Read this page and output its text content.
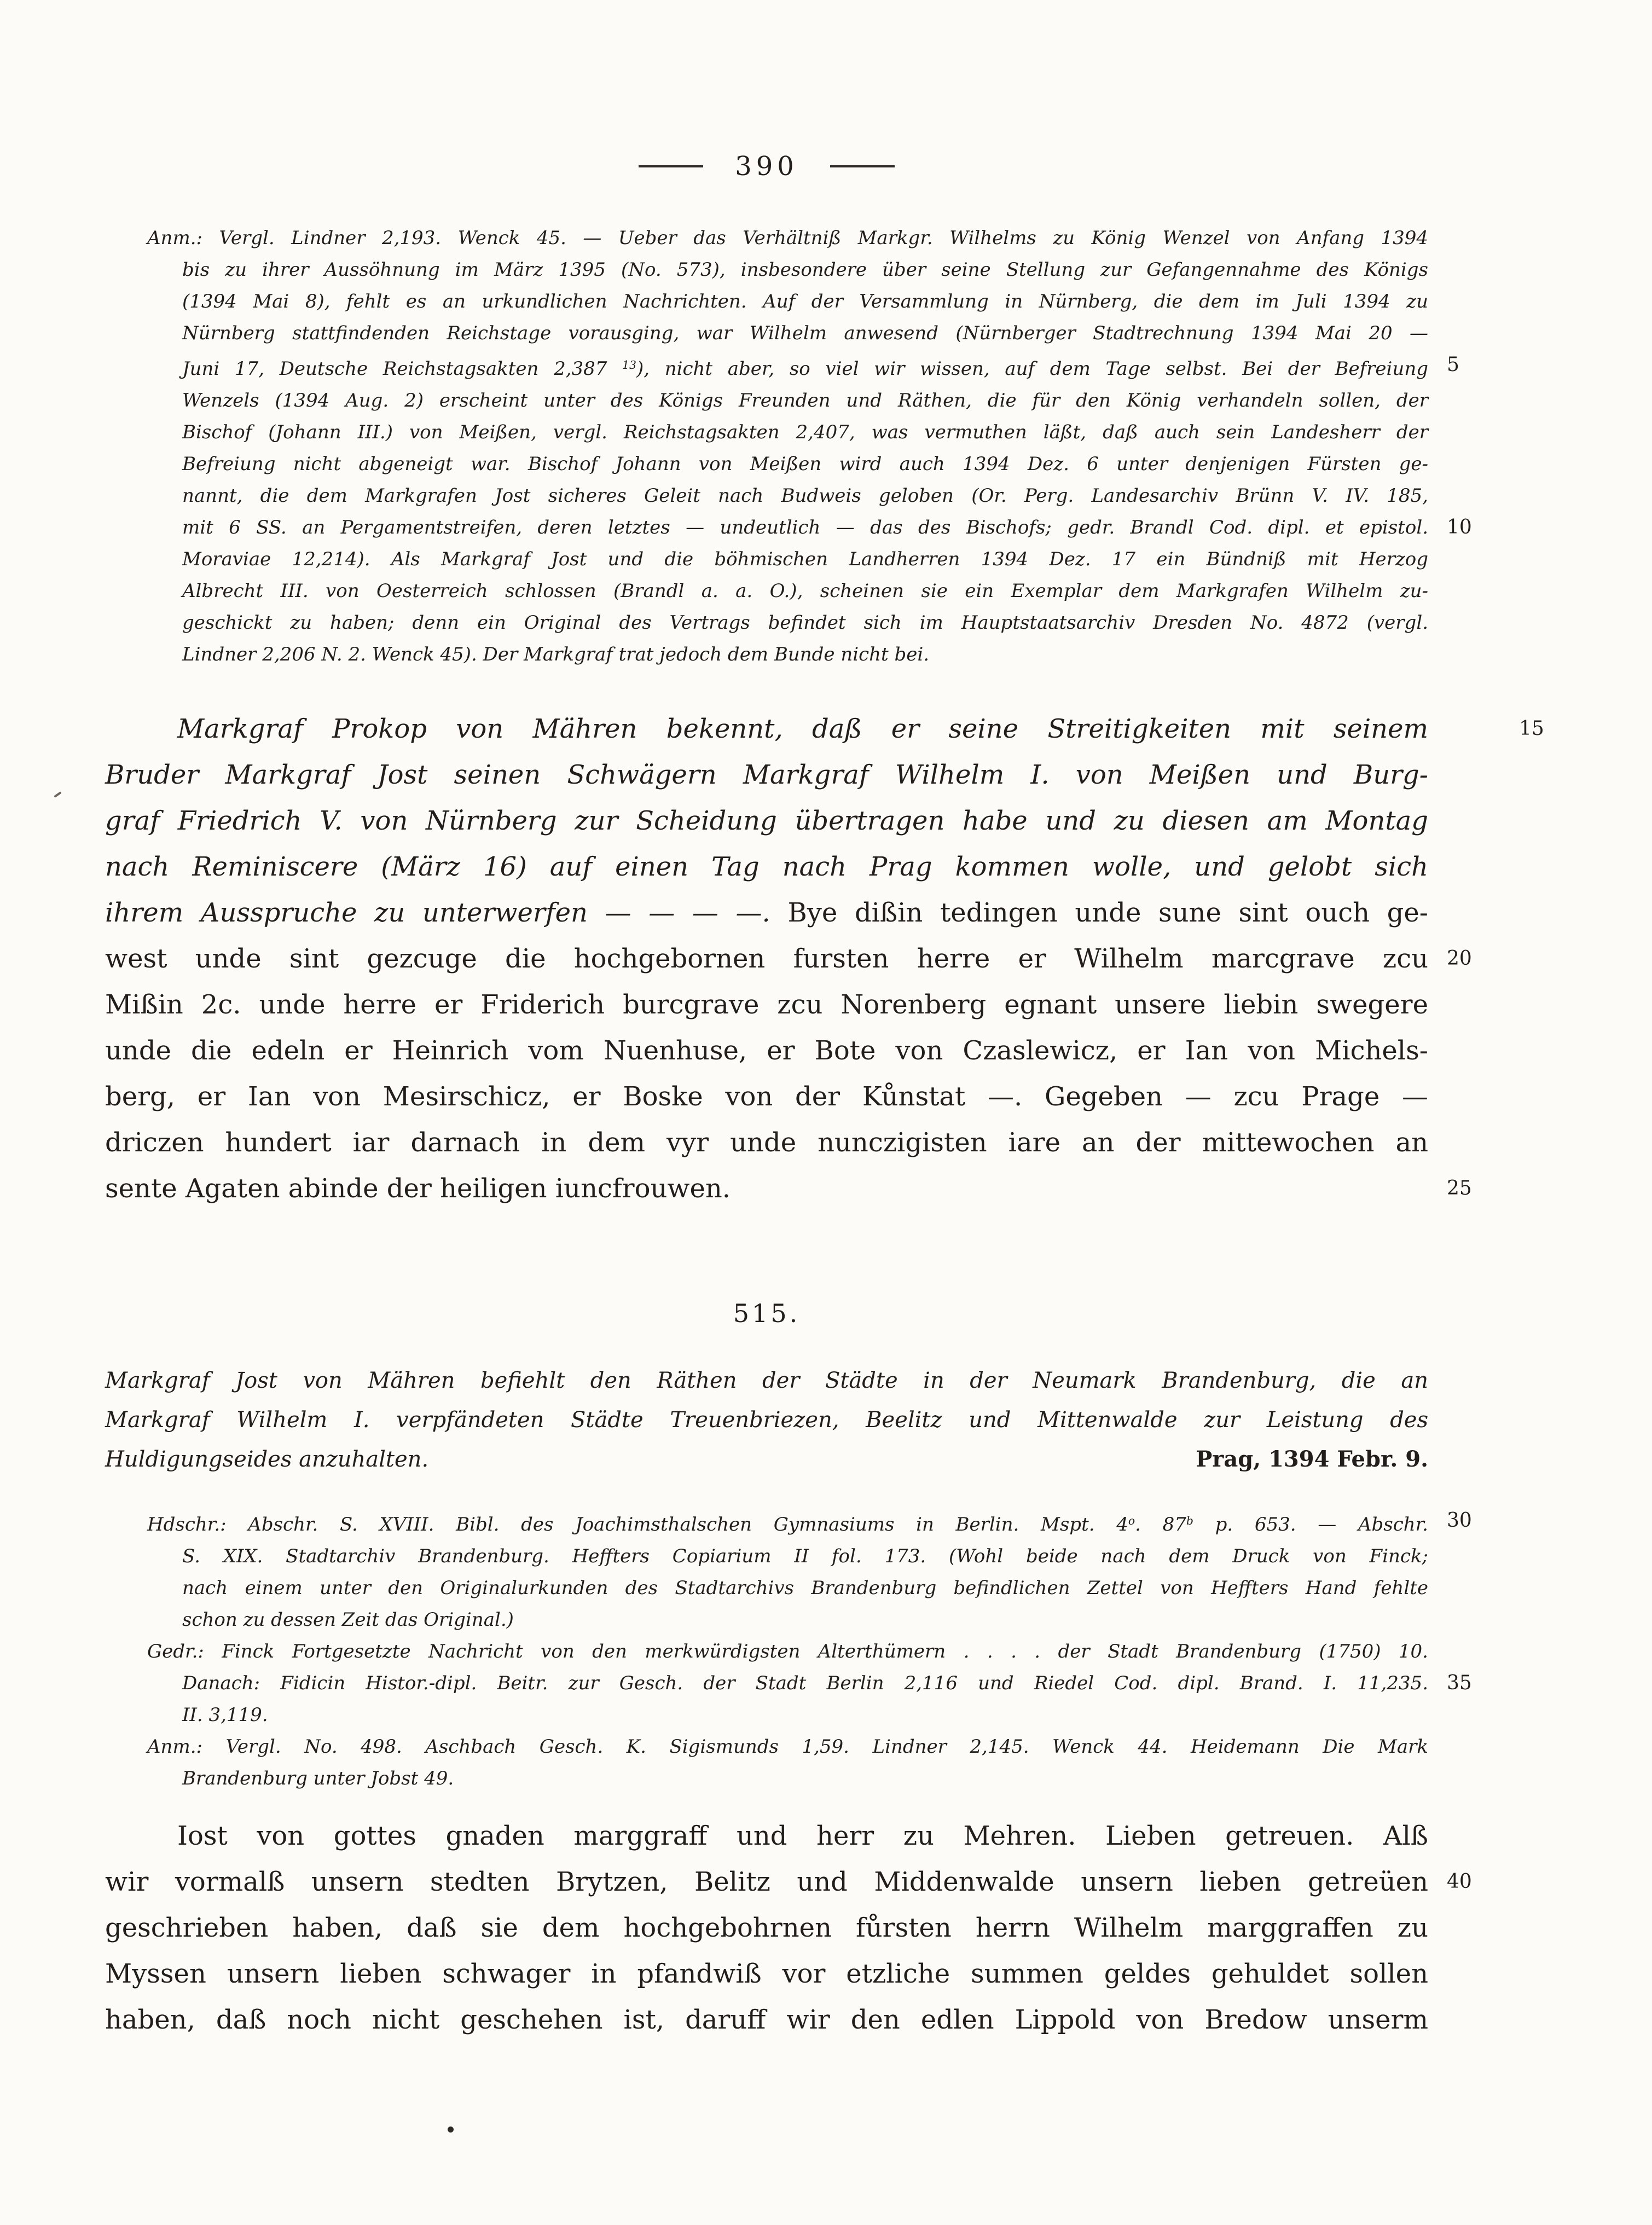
390
Anm.: Vergl. Lindner 2,193. Wenck 45. — Ueber das Verhältniß Markgr. Wilhelms zu König Wenzel von Anfang 1394
bis zu ihrer Aussöhnung im März 1395 (No. 573), insbesondere über seine Stellung zur Gefangennahme des Königs
(1394 Mai 8), fehlt es an urkundlichen Nachrichten. Auf der Versammlung in Nürnberg, die dem im Juli 1394 zu
Nürnberg stattfindenden Reichstage vorausging, war Wilhelm anwesend (Nürnberger Stadtrechnung 1394 Mai 20 —
Juni 17, Deutsche Reichstagsakten 2,387 $^{13}$), nicht aber, so viel wir wissen, auf dem Tage selbst. Bei der Befreiung 5
Wenzels (1394 Aug. 2) erscheint unter des Königs Freunden und Räthen, die für den König verhandeln sollen, der
Bischof (Johann III.) von Meißen, vergl. Reichstagsakten 2,407, was vermuthen läßt, daß auch sein Landesherr der
Befreiung nicht abgeneigt war. Bischof Johann von Meißen wird auch 1394 Dez. 6 unter denjenigen Fürsten ge-
nannt, die dem Markgrafen Jost sicheres Geleit nach Budweis geloben (Or. Perg. Landesarchiv Brünn V. IV. 185,
mit 6 SS. an Pergamentstreifen, deren letztes — undeutlich — das des Bischofs; gedr. Brandl Cod. dipl. et epistol. 10
Moraviae 12,214). Als Markgraf Jost und die böhmischen Landherren 1394 Dez. 17 ein Bündniß mit Herzog
Albrecht III. von Oesterreich schlossen (Brandl a. a. O.), scheinen sie ein Exemplar dem Markgrafen Wilhelm zu-
geschickt zu haben; denn ein Original des Vertrags befindet sich im Hauptstaatsarchiv Dresden No. 4872 (vergl.
Lindner 2,206 N. 2. Wenck 45). Der Markgraf trat jedoch dem Bunde nicht bei.
Markgraf Prokop von Mähren bekennt, daß er seine Streitigkeiten mit seinem	15
Bruder Markgraf Jost seinen Schwägern Markgraf Wilhelm I. von Meißen und Burg-
graf Friedrich V. von Nürnberg zur Scheidung übertragen habe und zu diesen am Montag
nach Reminiscere (März 16) auf einen Tag nach Prag kommen wolle, und gelobt sich
ihrem Ausspruche zu unterwerfen — — — —. Bye dißin tedingen unde sune sint ouch ge-
west unde sint gezcuge die hochgebornen fursten herre er Wilhelm marcgrave zcu 20
Mißin 2c. unde herre er Friderich burcgrave zcu Norenberg egnant unsere liebin swegere
unde die edeln er Heinrich vom Nuenhuse, er Bote von Czaslewicz, er Ian von Michels-
berg, er Ian von Mesirschicz, er Boske von der Kůnstat —. Gegeben — zcu Prage —
driczen hundert iar darnach in dem vyr unde nunczigisten iare an der mittewochen an
sente Agaten abinde der heiligen iuncfrouwen.	25
515.
Markgraf Jost von Mähren befiehlt den Räthen der Städte in der Neumark Brandenburg, die an
Markgraf Wilhelm I. verpfändeten Städte Treuenbriezen, Beelitz und Mittenwalde zur Leistung des
Huldigungseides anzuhalten.	Prag, 1394 Febr. 9.
Hdschr.: Abschr. S. XVIII. Bibl. des Joachimsthalschen Gymnasiums in Berlin. Mspt. 4$^o$. 87$^b$ p. 653. — Abschr. 30
S. XIX. Stadtarchiv Brandenburg. Heffters Copiarium II fol. 173. (Wohl beide nach dem Druck von Finck;
nach einem unter den Originalurkunden des Stadtarchivs Brandenburg befindlichen Zettel von Heffters Hand fehlte
schon zu dessen Zeit das Original.)
Gedr.: Finck Fortgesetzte Nachricht von den merkwürdigsten Alterthümern . . . . der Stadt Brandenburg (1750) 10.
Danach: Fidicin Histor.-dipl. Beitr. zur Gesch. der Stadt Berlin 2,116 und Riedel Cod. dipl. Brand. I. 11,235. 35
II. 3,119.
Anm.: Vergl. No. 498. Aschbach Gesch. K. Sigismunds 1,59. Lindner 2,145. Wenck 44. Heidemann Die Mark
Brandenburg unter Jobst 49.
Iost von gottes gnaden marggraff und herr zu Mehren. Lieben getreuen. Alß
wir vormalß unsern stedten Brytzen, Belitz und Middenwalde unsern lieben getreüen 40
geschrieben haben, daß sie dem hochgebohrnen fůrsten herrn Wilhelm marggraffen zu
Myssen unsern lieben schwager in pfandwiß vor etzliche summen geldes gehuldet sollen
haben, daß noch nicht geschehen ist, daruff wir den edlen Lippold von Bredow unserm
